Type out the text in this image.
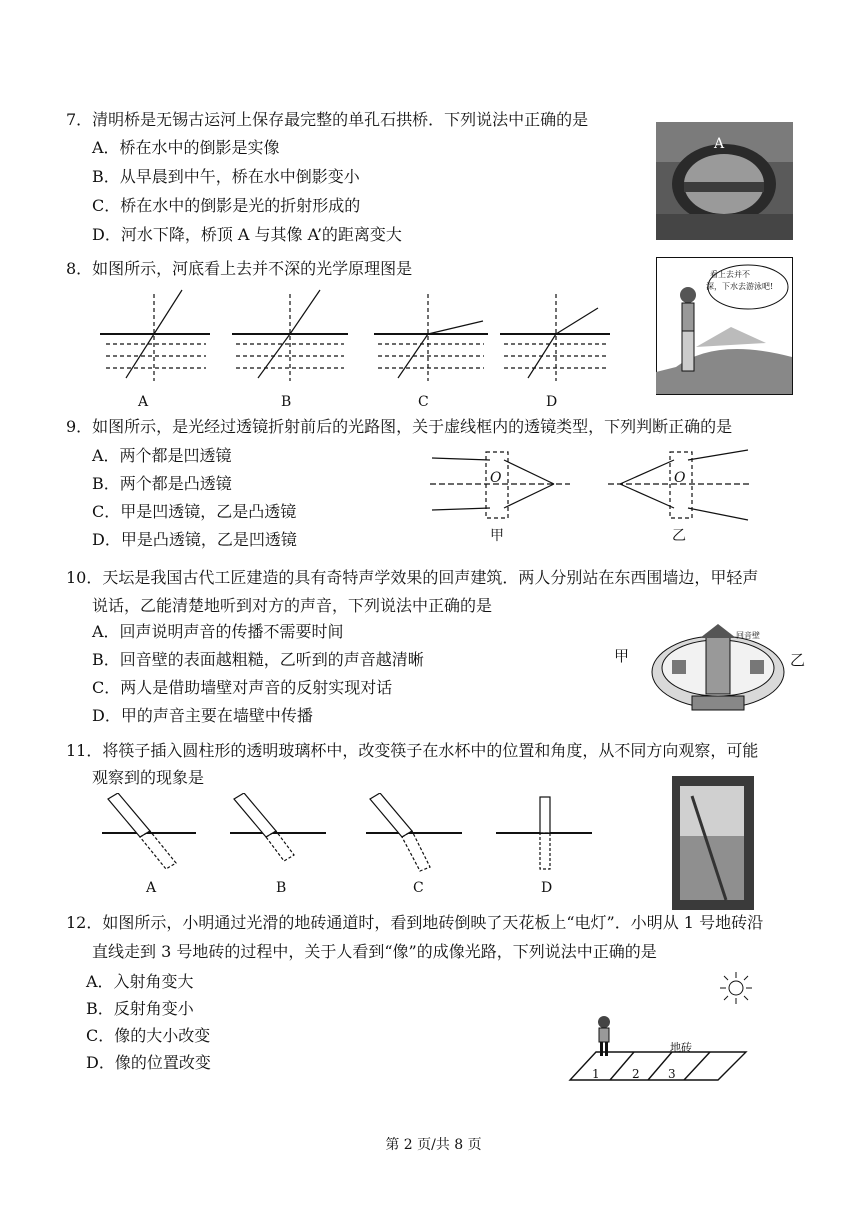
7．清明桥是无锡古运河上保存最完整的单孔石拱桥．下列说法中正确的是
A．桥在水中的倒影是实像
B．从早晨到中午，桥在水中倒影变小
C．桥在水中的倒影是光的折射形成的
D．河水下降，桥顶 A 与其像 A’的距离变大
A
8．如图所示，河底看上去并不深的光学原理图是
A	B	C	D
看上去并不
深，下水去游泳吧!
9．如图所示，是光经过透镜折射前后的光路图，关于虚线框内的透镜类型，下列判断正确的是
A．两个都是凹透镜
B．两个都是凸透镜
C．甲是凹透镜，乙是凸透镜
D．甲是凸透镜，乙是凹透镜
O	O
甲	乙
10．天坛是我国古代工匠建造的具有奇特声学效果的回声建筑．两人分别站在东西围墙边，甲轻声
说话，乙能清楚地听到对方的声音，下列说法中正确的是
A．回声说明声音的传播不需要时间
B．回音壁的表面越粗糙，乙听到的声音越清晰
C．两人是借助墙壁对声音的反射实现对话
D．甲的声音主要在墙壁中传播
甲	乙
回音壁
11．将筷子插入圆柱形的透明玻璃杯中，改变筷子在水杯中的位置和角度，从不同方向观察，可能
观察到的现象是
A	B	C	D
12．如图所示，小明通过光滑的地砖通道时，看到地砖倒映了天花板上“电灯”．小明从 1 号地砖沿
直线走到 3 号地砖的过程中，关于人看到“像”的成像光路，下列说法中正确的是
A．入射角变大
B．反射角变小
C．像的大小改变
D．像的位置改变
地砖
1	2 3
第 2 页/共 8 页
